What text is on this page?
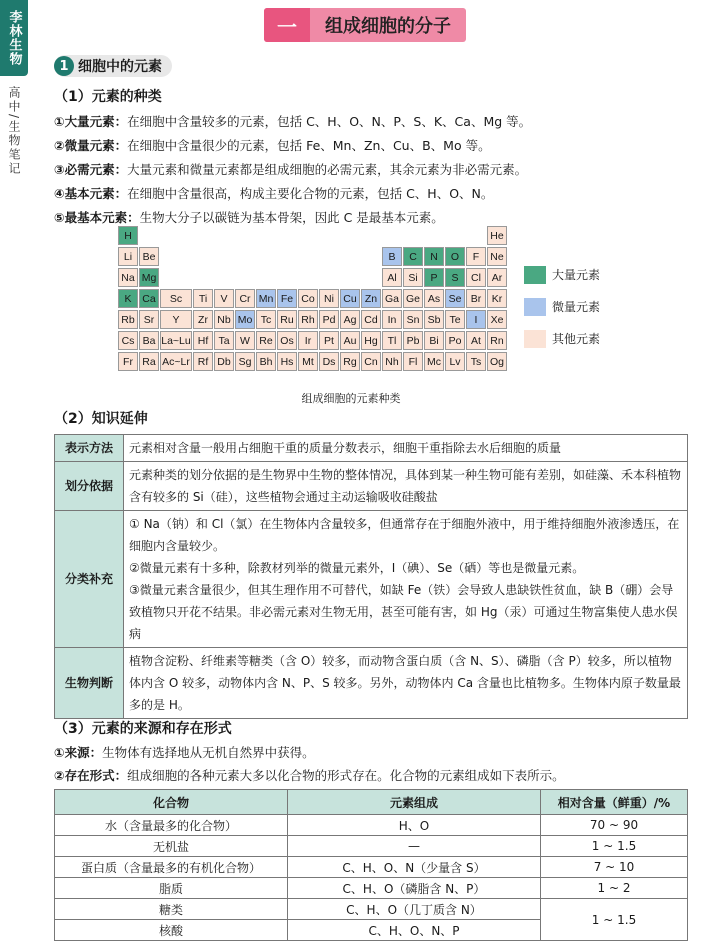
李林生物
高中/生物笔记
一	组成细胞的分子
1 细胞中的元素
（1）元素的种类
①大量元素：在细胞中含量较多的元素，包括 C、H、O、N、P、S、K、Ca、Mg 等。
②微量元素：在细胞中含量很少的元素，包括 Fe、Mn、Zn、Cu、B、Mo 等。
③必需元素：大量元素和微量元素都是组成细胞的必需元素，其余元素为非必需元素。
④基本元素：在细胞中含量很高，构成主要化合物的元素，包括 C、H、O、N。
⑤最基本元素：生物大分子以碳链为基本骨架，因此 C 是最基本元素。
H	He
Li Be	B	C	N	O	F	Ne
Na Mg	Al	Si	P	S	Cl	Ar
K	Ca	Sc	Ti	V	Cr Mn Fe Co Ni Cu Zn Ga Ge As Se Br	Kr
Rb Sr	Y	Zr Nb Mo Tc Ru Rh Pd Ag Cd In Sn Sb Te	I	Xe
Cs Ba La~Lu Hf Ta W Re Os	Ir	Pt Au Hg Tl Pb Bi Po At Rn
Fr Ra Ac~Lr Rf Db Sg Bh Hs Mt Ds Rg Cn Nh Fl Mc Lv Ts Og
大量元素
微量元素
其他元素
组成细胞的元素种类
（2）知识延伸
表示方法	元素相对含量一般用占细胞干重的质量分数表示，细胞干重指除去水后细胞的质量
划分依据	元素种类的划分依据的是生物界中生物的整体情况，具体到某一种生物可能有差别，如硅藻、禾本科植物含有较多的 Si（硅），这些植物会通过主动运输吸收硅酸盐
分类补充	① Na（钠）和 Cl（氯）在生物体内含量较多，但通常存在于细胞外液中，用于维持细胞外液渗透压，在细胞内含量较少。
②微量元素有十多种，除教材列举的微量元素外，I（碘）、Se（硒）等也是微量元素。
③微量元素含量很少，但其生理作用不可替代，如缺 Fe（铁）会导致人患缺铁性贫血，缺 B（硼）会导致植物只开花不结果。非必需元素对生物无用，甚至可能有害，如 Hg（汞）可通过生物富集使人患水俣病

生物判断	植物含淀粉、纤维素等糖类（含 O）较多，而动物含蛋白质（含 N、S）、磷脂（含 P）较多，所以植物体内含 O 较多，动物体内含 N、P、S 较多。另外，动物体内 Ca 含量也比植物多。生物体内原子数量最多的是 H。
（3）元素的来源和存在形式
①来源：生物体有选择地从无机自然界中获得。
②存在形式：组成细胞的各种元素大多以化合物的形式存在。化合物的元素组成如下表所示。
化合物	元素组成	相对含量（鲜重）/%
水（含量最多的化合物）	H、O	70 ~ 90
无机盐	—	1 ~ 1.5
蛋白质（含量最多的有机化合物）	C、H、O、N（少量含 S）	7 ~ 10
脂质	C、H、O（磷脂含 N、P）	1 ~ 2
糖类	C、H、O（几丁质含 N）	1 ~ 1.5
核酸	C、H、O、N、P	
